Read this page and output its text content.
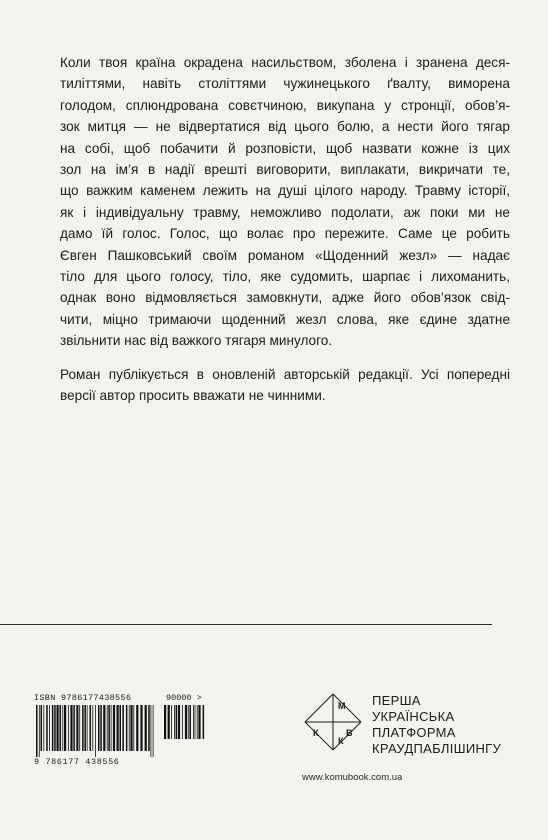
Коли твоя країна окрадена насильством, зболена і зранена деся-
тиліттями, навіть століттями чужинецького ґвалту, виморена
голодом, сплюндрована совєтчиною, викупана у стронції, обов’я-
зок митця — не відвертатися від цього болю, а нести його тягар
на собі, щоб побачити й розповісти, щоб назвати кожне із цих
зол на ім’я в надії врешті виговорити, виплакати, викричати те,
що важким каменем лежить на душі цілого народу. Травму історії,
як і індивідуальну травму, неможливо подолати, аж поки ми не
дамо їй голос. Голос, що волає про пережите. Саме це робить
Євген Пашковський своїм романом «Щоденний жезл» — надає
тіло для цього голосу, тіло, яке судомить, шарпає і лихоманить,
однак воно відмовляється замовкнути, адже його обов’язок свід-
чити, міцно тримаючи щоденний жезл слова, яке єдине здатне
звільнити нас від важкого тягаря минулого.

Роман публікується в оновленій авторській редакції. Усі попередні
версії автор просить вважати не чинними.

ISBN 9786177438556	90000 >
9 786177 438556
М
К	В
К
ПЕРША
УКРАЇНСЬКА
ПЛАТФОРМА
КРАУДПАБЛІШИНГУ
www.komubook.com.ua
